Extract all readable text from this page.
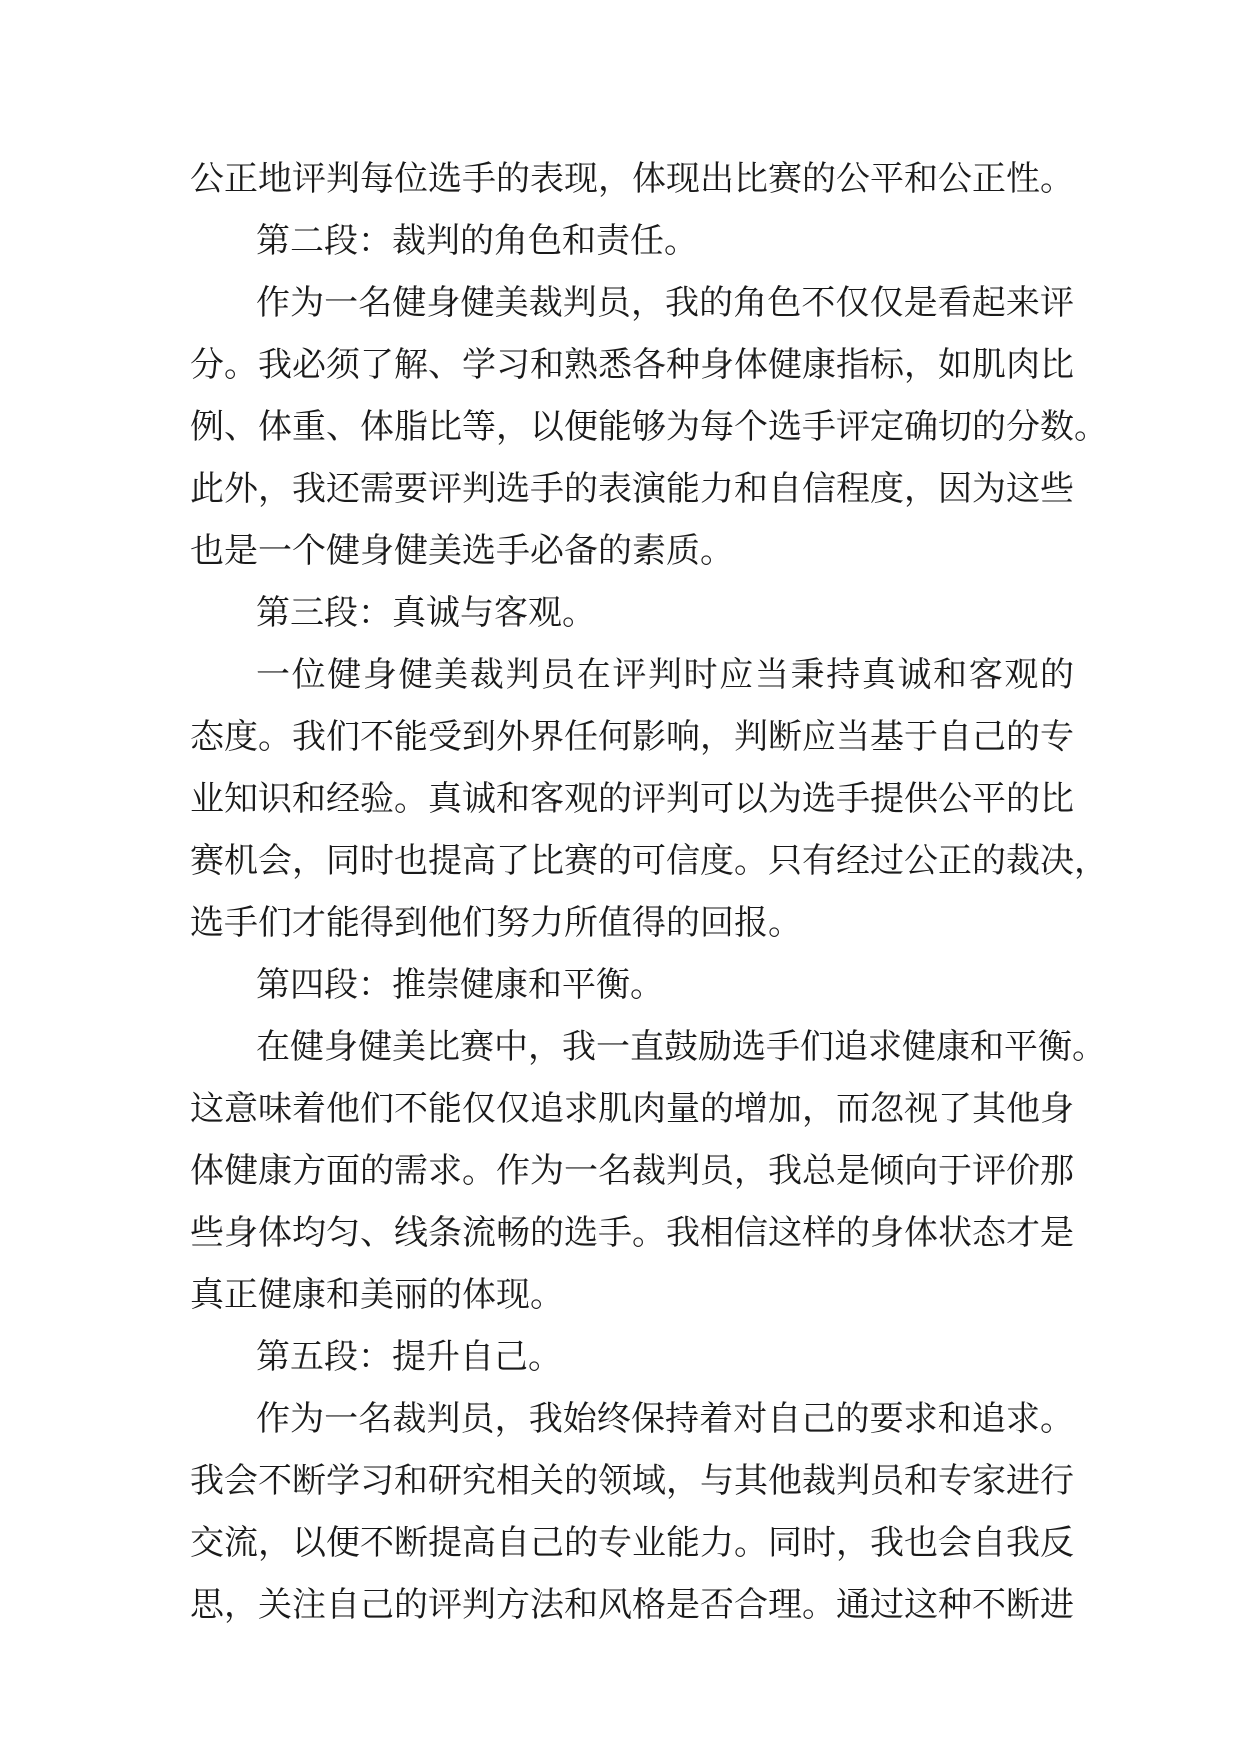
公正地评判每位选手的表现，体现出比赛的公平和公正性。
第二段：裁判的角色和责任。
作为一名健身健美裁判员，我的角色不仅仅是看起来评
分。我必须了解、学习和熟悉各种身体健康指标，如肌肉比
例、体重、体脂比等，以便能够为每个选手评定确切的分数。
此外，我还需要评判选手的表演能力和自信程度，因为这些
也是一个健身健美选手必备的素质。
第三段：真诚与客观。
一位健身健美裁判员在评判时应当秉持真诚和客观的
态度。我们不能受到外界任何影响，判断应当基于自己的专
业知识和经验。真诚和客观的评判可以为选手提供公平的比
赛机会，同时也提高了比赛的可信度。只有经过公正的裁决，
选手们才能得到他们努力所值得的回报。
第四段：推崇健康和平衡。
在健身健美比赛中，我一直鼓励选手们追求健康和平衡。
这意味着他们不能仅仅追求肌肉量的增加，而忽视了其他身
体健康方面的需求。作为一名裁判员，我总是倾向于评价那
些身体均匀、线条流畅的选手。我相信这样的身体状态才是
真正健康和美丽的体现。
第五段：提升自己。
作为一名裁判员，我始终保持着对自己的要求和追求。
我会不断学习和研究相关的领域，与其他裁判员和专家进行
交流，以便不断提高自己的专业能力。同时，我也会自我反
思，关注自己的评判方法和风格是否合理。通过这种不断进
